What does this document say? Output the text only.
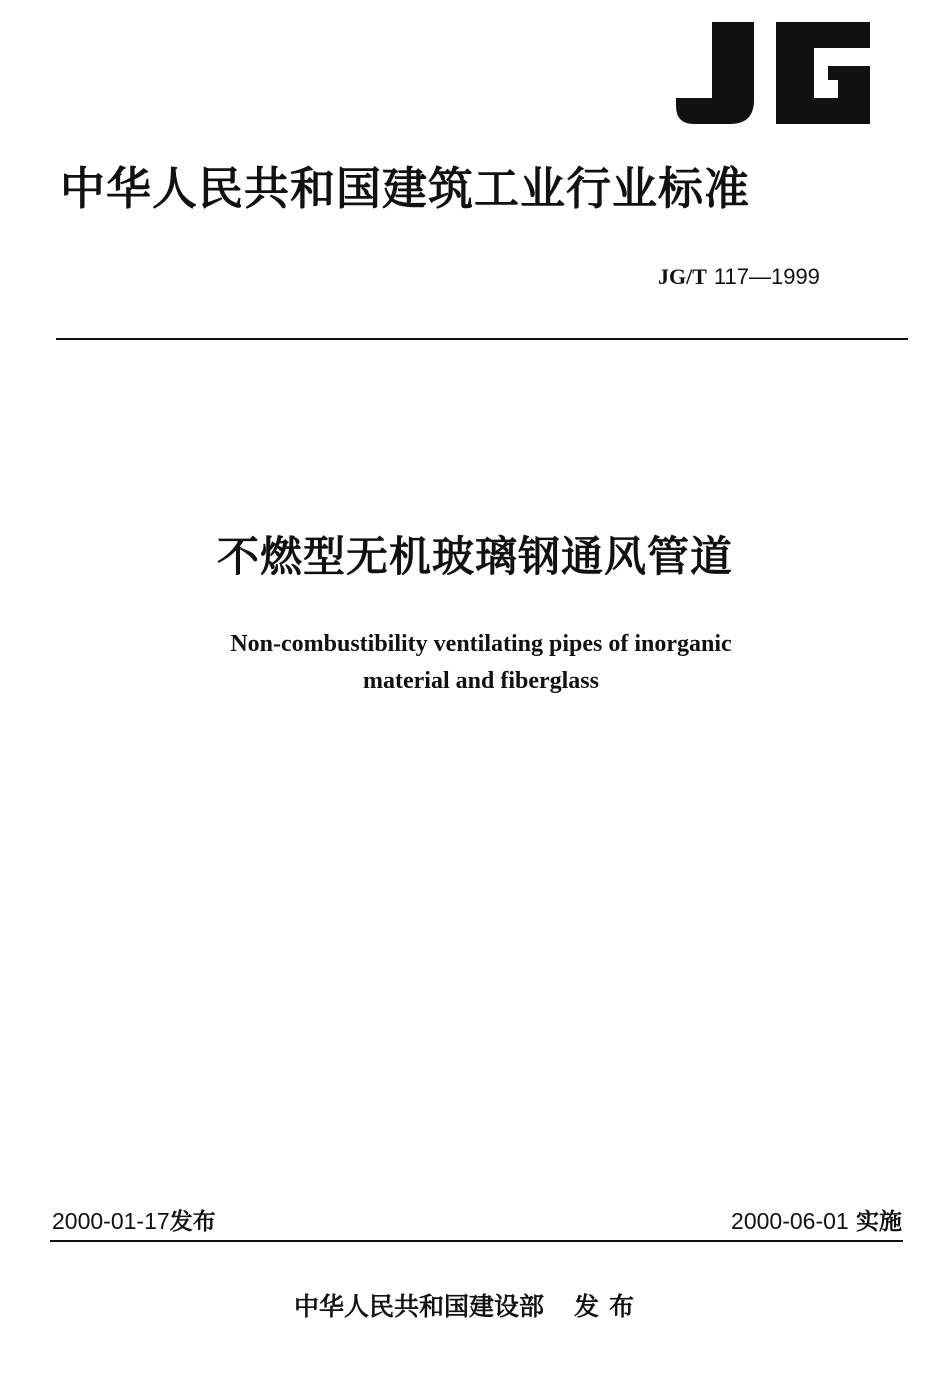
中华人民共和国建筑工业行业标准
JG/T 117—1999
不燃型无机玻璃钢通风管道
Non-combustibility ventilating pipes of inorganic
material and fiberglass
2000-01-17发布	2000-06-01 实施
中华人民共和国建设部 发布
